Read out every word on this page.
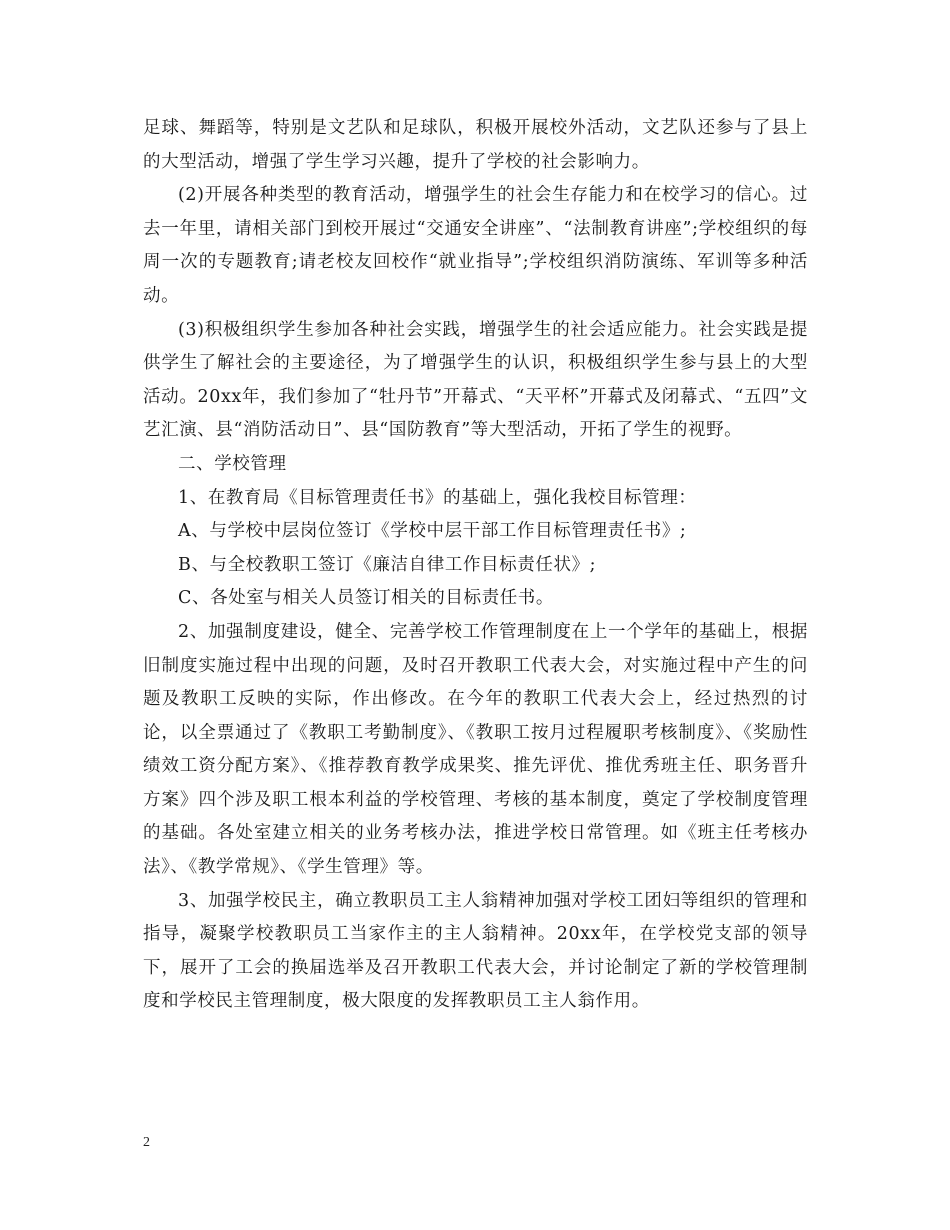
足球、舞蹈等，特别是文艺队和足球队，积极开展校外活动，文艺队还参与了县上的大型活动，增强了学生学习兴趣，提升了学校的社会影响力。

(2)开展各种类型的教育活动，增强学生的社会生存能力和在校学习的信心。过去一年里，请相关部门到校开展过“交通安全讲座”、“法制教育讲座”;学校组织的每周一次的专题教育;请老校友回校作“就业指导”;学校组织消防演练、军训等多种活动。

(3)积极组织学生参加各种社会实践，增强学生的社会适应能力。社会实践是提供学生了解社会的主要途径，为了增强学生的认识，积极组织学生参与县上的大型活动。20xx年，我们参加了“牡丹节”开幕式、“天平杯”开幕式及闭幕式、“五四”文艺汇演、县“消防活动日”、县“国防教育”等大型活动，开拓了学生的视野。

二、学校管理

1、在教育局《目标管理责任书》的基础上，强化我校目标管理：

A、与学校中层岗位签订《学校中层干部工作目标管理责任书》;

B、与全校教职工签订《廉洁自律工作目标责任状》;

C、各处室与相关人员签订相关的目标责任书。

2、加强制度建设，健全、完善学校工作管理制度在上一个学年的基础上，根据旧制度实施过程中出现的问题，及时召开教职工代表大会，对实施过程中产生的问题及教职工反映的实际，作出修改。在今年的教职工代表大会上，经过热烈的讨论，以全票通过了《教职工考勤制度》、《教职工按月过程履职考核制度》、《奖励性绩效工资分配方案》、《推荐教育教学成果奖、推先评优、推优秀班主任、职务晋升方案》四个涉及职工根本利益的学校管理、考核的基本制度，奠定了学校制度管理的基础。各处室建立相关的业务考核办法，推进学校日常管理。如《班主任考核办法》、《教学常规》、《学生管理》等。

3、加强学校民主，确立教职员工主人翁精神加强对学校工团妇等组织的管理和指导，凝聚学校教职员工当家作主的主人翁精神。20xx年，在学校党支部的领导下，展开了工会的换届选举及召开教职工代表大会，并讨论制定了新的学校管理制度和学校民主管理制度，极大限度的发挥教职员工主人翁作用。

2
